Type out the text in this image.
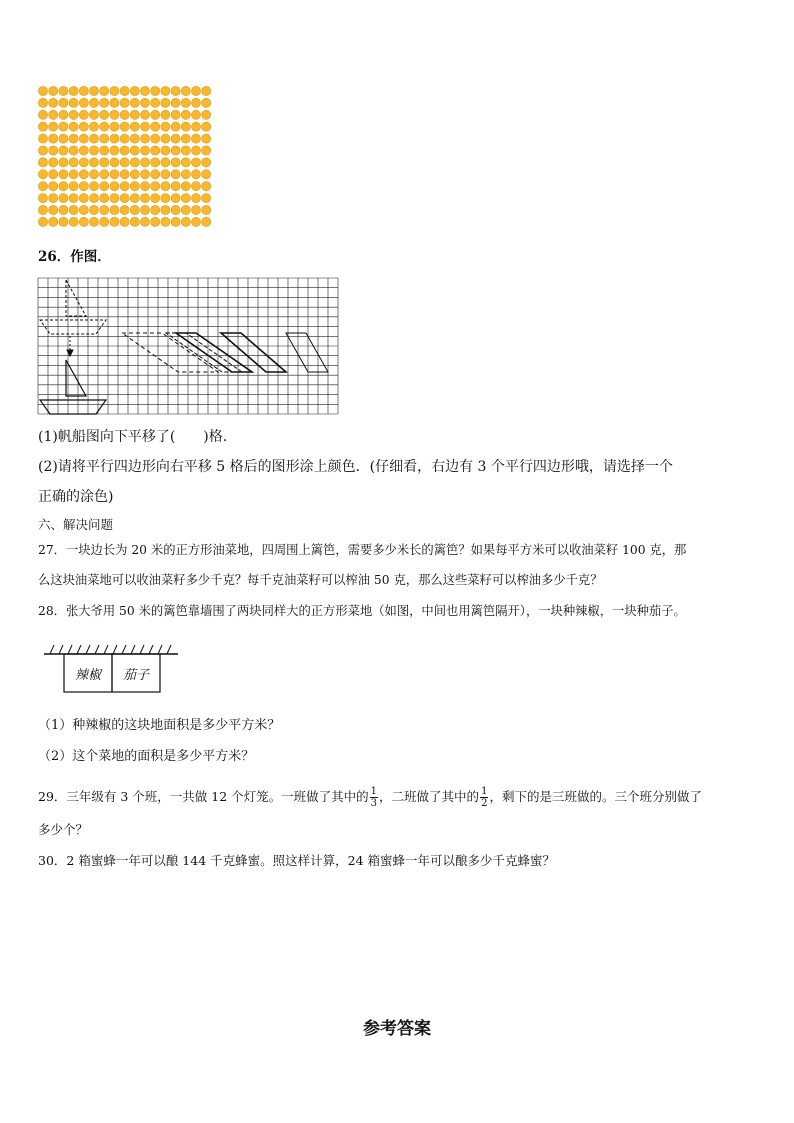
26．作图．
(1)帆船图向下平移了(　　)格．
(2)请将平行四边形向右平移 5 格后的图形涂上颜色．(仔细看，右边有 3 个平行四边形哦，请选择一个
正确的涂色)
六、解决问题
27．一块边长为 20 米的正方形油菜地，四周围上篱笆，需要多少米长的篱笆？如果每平方米可以收油菜籽 100 克，那
么这块油菜地可以收油菜籽多少千克？每千克油菜籽可以榨油 50 克，那么这些菜籽可以榨油多少千克？
28．张大爷用 50 米的篱笆靠墙围了两块同样大的正方形菜地（如图，中间也用篱笆隔开），一块种辣椒，一块种茄子。
辣椒	茄子
（1）种辣椒的这块地面积是多少平方米？
（2）这个菜地的面积是多少平方米？
29．三年级有 3 个班，一共做 12 个灯笼。一班做了其中的 $\frac{1}{3}$ ，二班做了其中的 $\frac{1}{2}$ ，剩下的是三班做的。三个班分别做了
多少个？
30．2 箱蜜蜂一年可以酿 144 千克蜂蜜。照这样计算，24 箱蜜蜂一年可以酿多少千克蜂蜜？
参考答案
